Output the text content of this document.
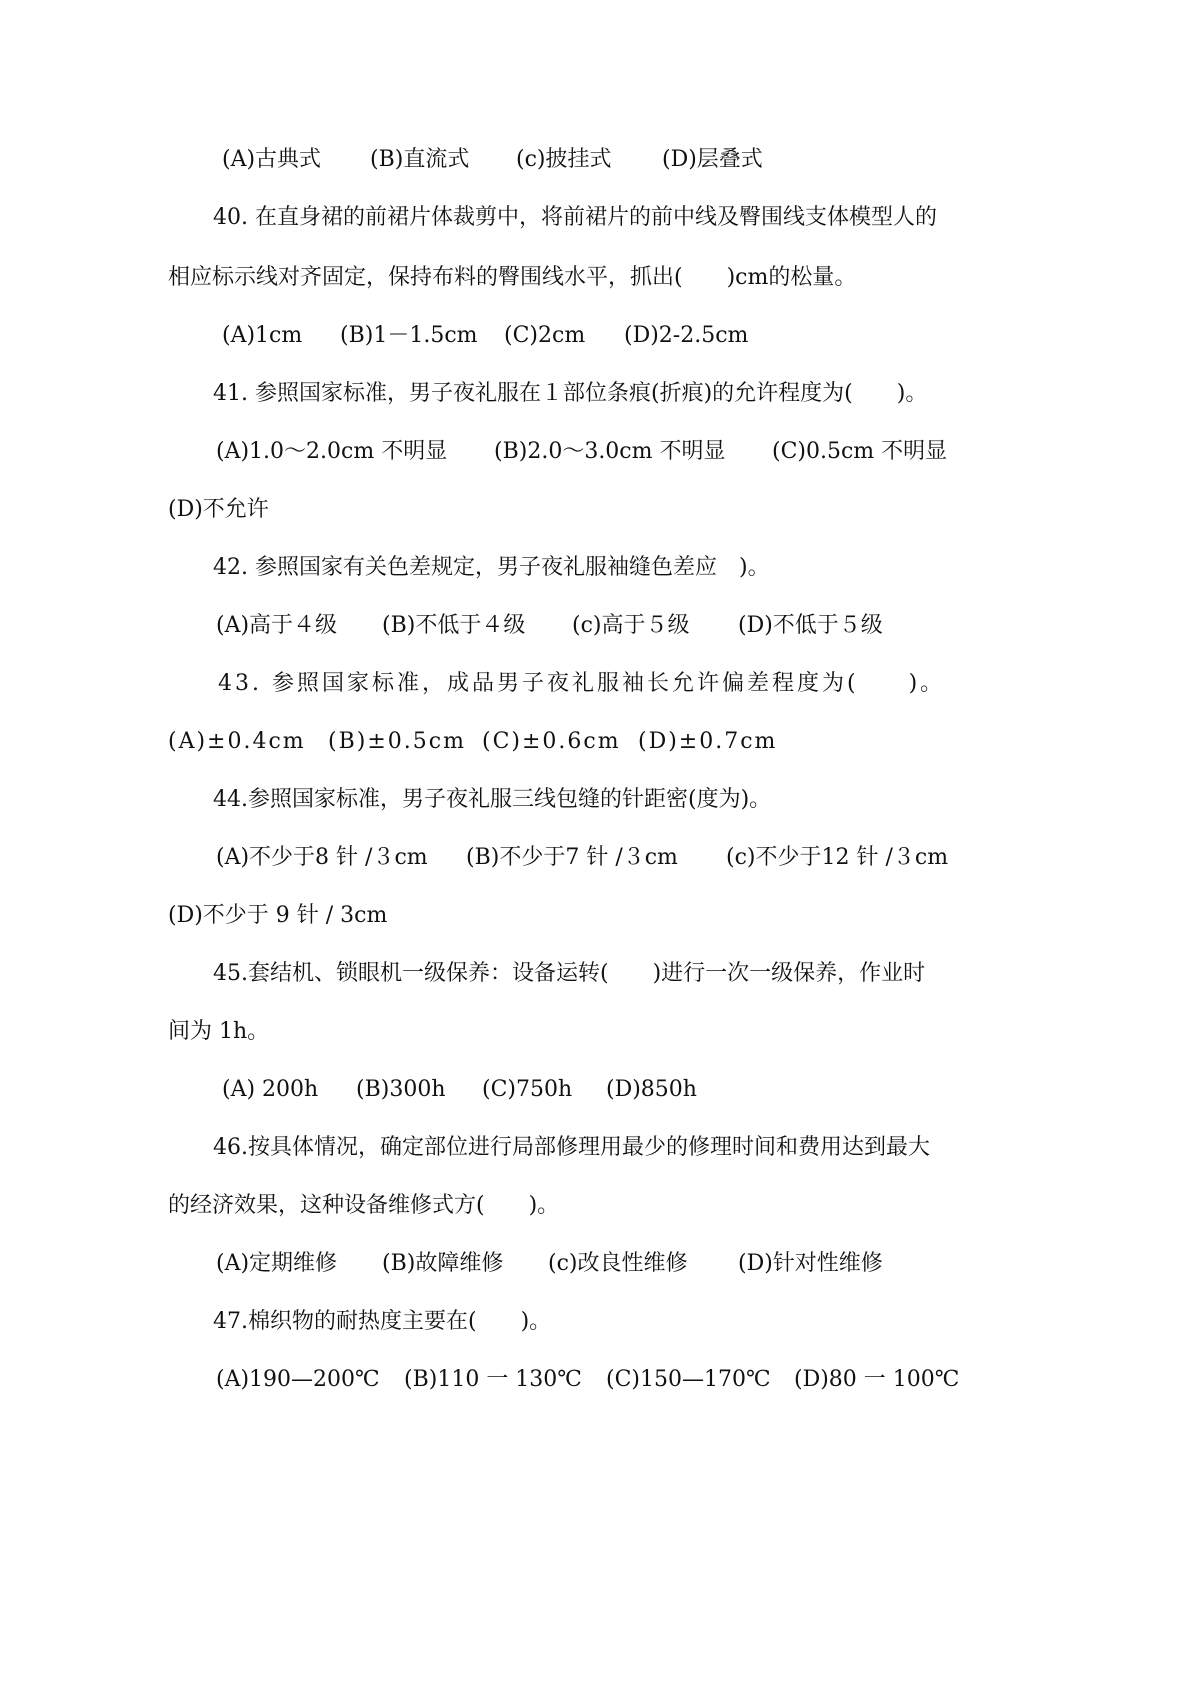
(A)古典式 (B)直流式 (c)披挂式 (D)层叠式
40. 在直身裙的前裙片体裁剪中，将前裙片的前中线及臀围线支体模型人的
相应标示线对齐固定，保持布料的臀围线水平，抓出(　　)cm的松量。
(A)1cm (B)1－1.5cm (C)2cm (D)2-2.5cm
41. 参照国家标准，男子夜礼服在１部位条痕(折痕)的允许程度为(　　)。
(A)1.0～2.0cm 不明显 (B)2.0～3.0cm 不明显 (C)0.5cm 不明显
(D)不允许
42. 参照国家有关色差规定，男子夜礼服袖缝色差应　)。
(A)高于４级 (B)不低于４级 (c)高于５级 (D)不低于５级
43. 参照国家标准，成品男子夜礼服袖长允许偏差程度为(　　)。
(A)±0.4cm (B)±0.5cm (C)±0.6cm (D)±0.7cm
44.参照国家标准，男子夜礼服三线包缝的针距密(度为)。
(A)不少于8 针 /３cm (B)不少于7 针 /３cm (c)不少于12 针 /３cm
(D)不少于 9 针 / 3cm
45.套结机、锁眼机一级保养：设备运转(　　)进行一次一级保养，作业时
间为 1h。
(A) 200h (B)300h (C)750h (D)850h
46.按具体情况，确定部位进行局部修理用最少的修理时间和费用达到最大
的经济效果，这种设备维修式方(　　)。
(A)定期维修 (B)故障维修 (c)改良性维修 (D)针对性维修
47.棉织物的耐热度主要在(　　)。
(A)190—200℃ (B)110 一 130℃ (C)150—170℃ (D)80 一 100℃
